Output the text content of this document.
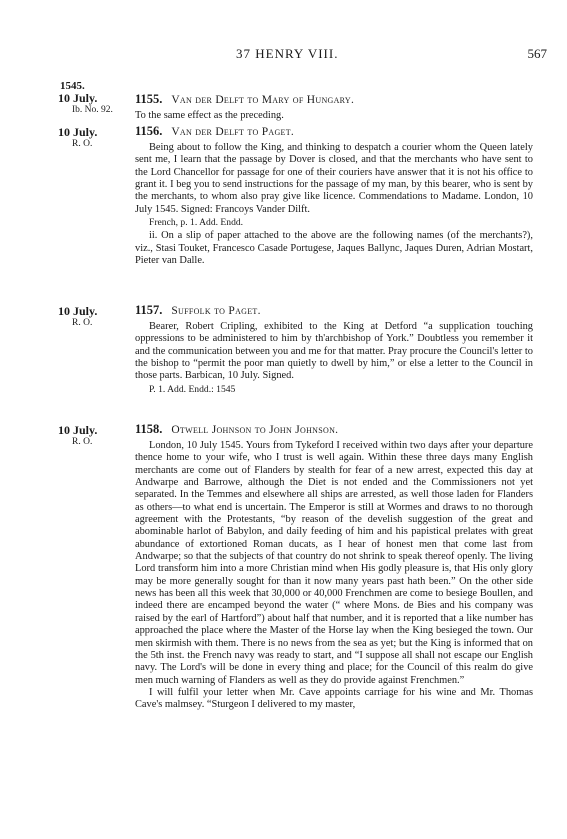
37 HENRY VIII.	567
1545.
10 July.
Ib. No. 92.
1155. Van der Delft to Mary of Hungary.

To the same effect as the preceding.

10 July.
R. O.
1156. Van der Delft to Paget.

Being about to follow the King, and thinking to despatch a courier whom the Queen lately sent me, I learn that the passage by Dover is closed, and that the merchants who have sent to the Lord Chancellor for passage for one of their couriers have answer that it is not his office to grant it. I beg you to send instructions for the passage of my man, by this bearer, who is sent by the merchants, to whom also pray give like licence. Commendations to Madame. London, 10 July 1545. Signed: Francoys Vander Dilft.

French, p. 1. Add. Endd.

ii. On a slip of paper attached to the above are the following names (of the merchants?), viz., Stasi Touket, Francesco Casade Portugese, Jaques Ballync, Jaques Duren, Adrian Mostart, Pieter van Dalle.

10 July.
R. O.
1157. Suffolk to Paget.

Bearer, Robert Cripling, exhibited to the King at Detford “a supplication touching oppressions to be administered to him by th'archbishop of York.” Doubtless you remember it and the communication between you and me for that matter. Pray procure the Council's letter to the bishop to “permit the poor man quietly to dwell by him,” or else a letter to the Council in those parts. Barbican, 10 July. Signed.

P. 1. Add. Endd.: 1545
10 July.
R. O.
1158. Otwell Johnson to John Johnson.

London, 10 July 1545. Yours from Tykeford I received within two days after your departure thence home to your wife, who I trust is well again. Within these three days many English merchants are come out of Flanders by stealth for fear of a new arrest, expected this day at Andwarpe and Barrowe, although the Diet is not ended and the Commissioners not yet separated. In the Temmes and elsewhere all ships are arrested, as well those laden for Flanders as others—to what end is uncertain. The Emperor is still at Wormes and draws to no thorough agreement with the Protestants, “by reason of the develish suggestion of the great and abominable harlot of Babylon, and daily feeding of him and his papistical prelates with great abundance of extortioned Roman ducats, as I hear of honest men that come last from Andwarpe; so that the subjects of that country do not shrink to speak thereof openly. The living Lord transform him into a more Christian mind when His godly pleasure is, that His only glory may be more generally sought for than it now many years past hath been.” On the other side news has been all this week that 30,000 or 40,000 Frenchmen are come to besiege Boullen, and indeed there are encamped beyond the water (“ where Mons. de Bies and his company was raised by the earl of Hartford”) about half that number, and it is reported that a like number has approached the place where the Master of the Horse lay when the King besieged the town. Our men skirmish with them. There is no news from the sea as yet; but the King is informed that on the 5th inst. the French navy was ready to start, and “I suppose all shall not escape our English navy. The Lord's will be done in every thing and place; for the Council of this realm do give men much warning of Flanders as well as they do provide against Frenchmen.”

I will fulfil your letter when Mr. Cave appoints carriage for his wine and Mr. Thomas Cave's malmsey. “Sturgeon I delivered to my master,
